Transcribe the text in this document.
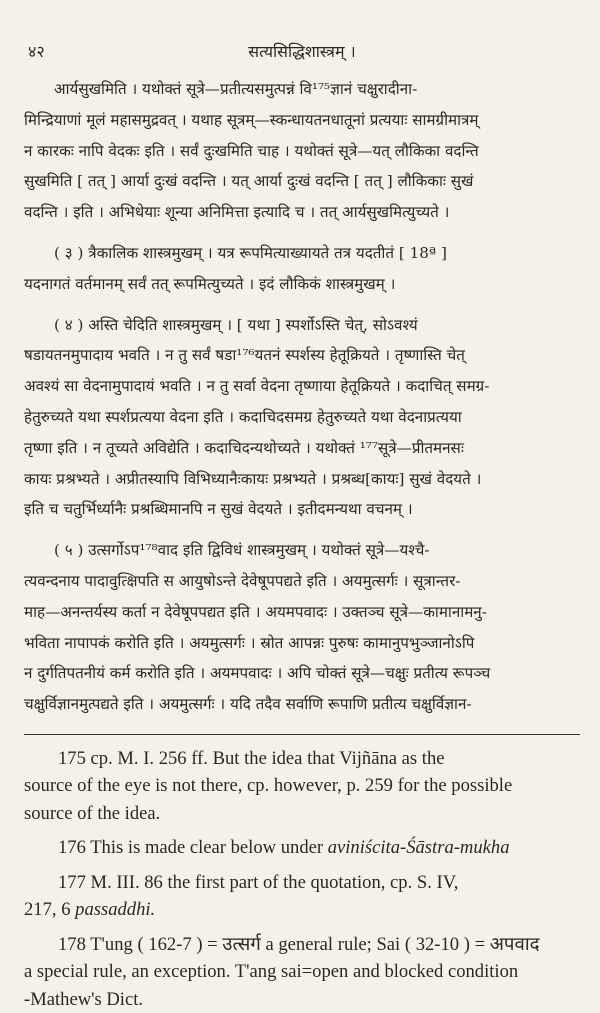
४२	सत्यसिद्धिशास्त्रम् ।

आर्यसुखमिति । यथोक्तं सूत्रे—प्रतीत्यसमुत्पन्नं वि¹⁷⁵ज्ञानं चक्षुरादीना-
मिन्द्रियाणां मूलं महासमुद्रवत् । यथाह सूत्रम्—स्कन्धायतनधातूनां प्रत्ययाः सामग्रीमात्रम्
न कारकः नापि वेदकः इति । सर्वं दुःखमिति चाह । यथोक्तं सूत्रे—यत् लौकिका वदन्ति
सुखमिति [ तत् ] आर्या दुःखं वदन्ति । यत् आर्या दुःखं वदन्ति [ तत् ] लौकिकाः सुखं
वदन्ति । इति । अभिधेयाः शून्या अनिमित्ता इत्यादि च । तत् आर्यसुखमित्युच्यते ।

( ३ ) त्रैकालिक शास्त्रमुखम् । यत्र रूपमित्याख्यायते तत्र यदतीतं [ 18ª ]
यदनागतं वर्तमानम् सर्वं तत् रूपमित्युच्यते । इदं लौकिकं शास्त्रमुखम् ।

( ४ ) अस्ति चेदिति शास्त्रमुखम् । [ यथा ] स्पर्शोऽस्ति चेत्, सोऽवश्यं
षडायतनमुपादाय भवति । न तु सर्वं षडा¹⁷⁶यतनं स्पर्शस्य हेतूक्रियते । तृष्णास्ति चेत्
अवश्यं सा वेदनामुपादायं भवति । न तु सर्वा वेदना तृष्णाया हेतूक्रियते । कदाचित् समग्र-
हेतुरुच्यते यथा स्पर्शप्रत्यया वेदना इति । कदाचिदसमग्र हेतुरुच्यते यथा वेदनाप्रत्यया
तृष्णा इति । न तूच्यते अविद्येति । कदाचिदन्यथोच्यते । यथोक्तं ¹⁷⁷सूत्रे—प्रीतमनसः
कायः प्रश्रभ्यते । अप्रीतस्यापि विभिध्यानैःकायः प्रश्रभ्यते । प्रश्रब्ध[कायः] सुखं वेदयते ।
इति च चतुर्भिर्ध्यानैः प्रश्रब्धिमानपि न सुखं वेदयते । इतीदमन्यथा वचनम् ।

( ५ ) उत्सर्गोऽप¹⁷⁸वाद इति द्विविधं शास्त्रमुखम् । यथोक्तं सूत्रे—यश्चै-
त्यवन्दनाय पादावुत्क्षिपति स आयुषोऽन्ते देवेषूपपद्यते इति । अयमुत्सर्गः । सूत्रान्तर-
माह—अनन्तर्यस्य कर्ता न देवेषूपपद्यत इति । अयमपवादः । उक्तञ्च सूत्रे—कामानामनु-
भविता नापापकं करोति इति । अयमुत्सर्गः । स्रोत आपन्नः पुरुषः कामानुपभुञ्जानोऽपि
न दुर्गतिपतनीयं कर्म करोति इति । अयमपवादः । अपि चोक्तं सूत्रे—चक्षुः प्रतीत्य रूपञ्च
चक्षुर्विज्ञानमुत्पद्यते इति । अयमुत्सर्गः । यदि तदैव सर्वाणि रूपाणि प्रतीत्य चक्षुर्विज्ञान-

175 cp. M. I. 256 ff. But the idea that Vijñāna as the
source of the eye is not there, cp. however, p. 259 for the possible
source of the idea.

176 This is made clear below under aviniścita-Śāstra-mukha

177 M. III. 86 the first part of the quotation, cp. S. IV,
217, 6 passaddhi.

178 T'ung ( 162-7 ) = उत्सर्ग a general rule; Sai ( 32-10 ) = अपवाद
a special rule, an exception. T'ang sai=open and blocked condition
-Mathew's Dict.
